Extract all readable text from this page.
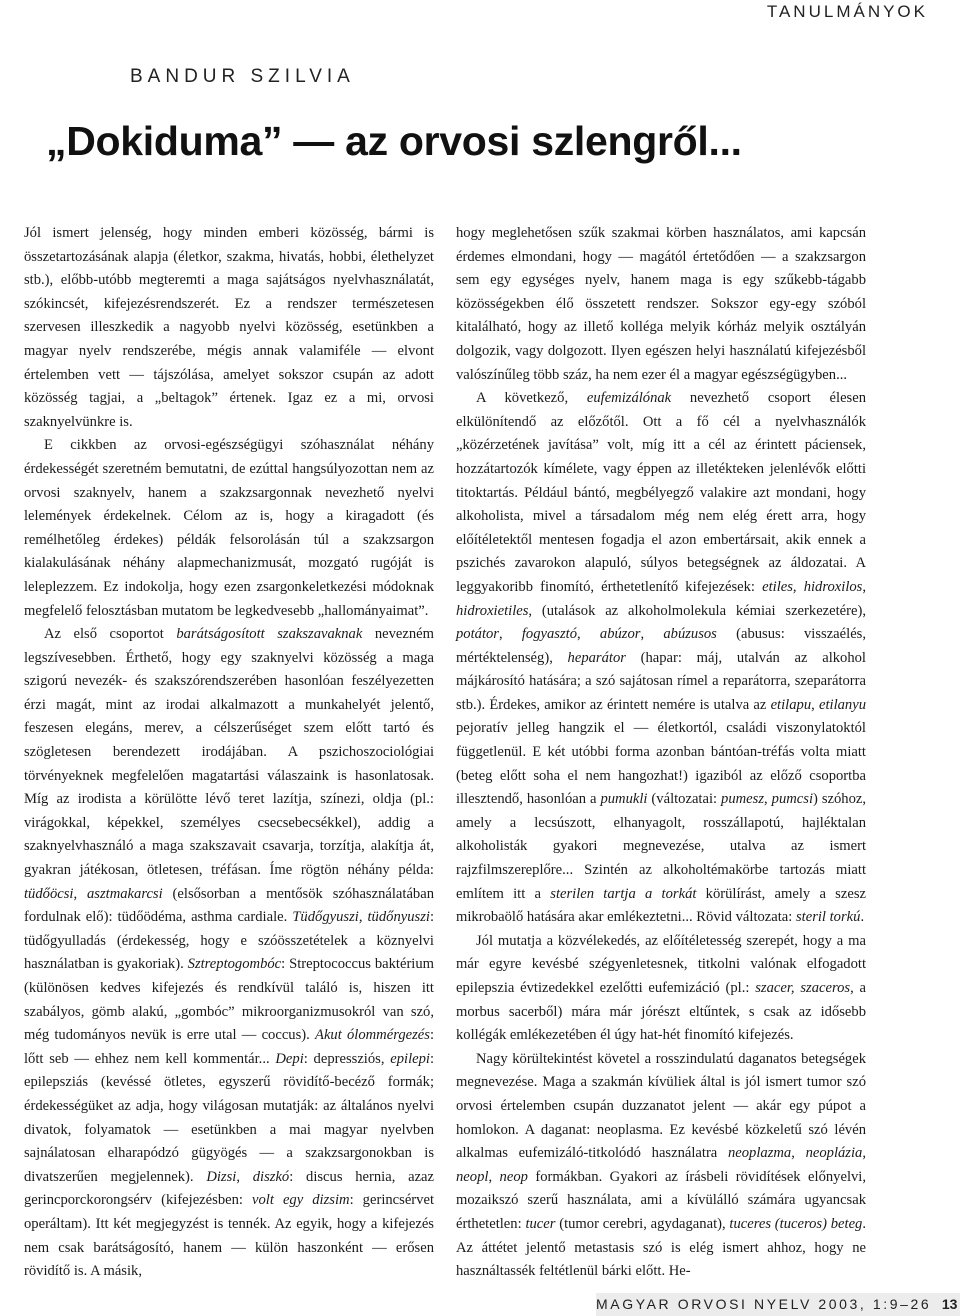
TANULMÁNYOK
BANDUR SZILVIA
„Dokiduma” — az orvosi szlengről...

Jól ismert jelenség, hogy minden emberi közösség, bármi is összetartozásának alapja (életkor, szakma, hivatás, hobbi, élethelyzet stb.), előbb-utóbb megteremti a maga sajátságos nyelvhasználatát, szókincsét, kifejezésrendszerét. Ez a rendszer természetesen szervesen illeszkedik a nagyobb nyelvi közösség, esetünkben a magyar nyelv rendszerébe, mégis annak valamiféle — elvont értelemben vett — tájszólása, amelyet sokszor csupán az adott közösség tagjai, a „beltagok” értenek. Igaz ez a mi, orvosi szaknyelvünkre is.

E cikkben az orvosi-egészségügyi szóhasználat néhány érdekességét szeretném bemutatni, de ezúttal hangsúlyozottan nem az orvosi szaknyelv, hanem a szakzsargonnak nevezhető nyelvi lelemények érdekelnek. Célom az is, hogy a kiragadott (és remélhetőleg érdekes) példák felsorolásán túl a szakzsargon kialakulásának néhány alapmechanizmusát, mozgató rugóját is leleplezzem. Ez indokolja, hogy ezen zsargonkeletkezési módoknak megfelelő felosztásban mutatom be legkedvesebb „hallományaimat”.

Az első csoportot barátságosított szakszavaknak nevezném legszívesebben. Érthető, hogy egy szaknyelvi közösség a maga szigorú nevezék- és szakszórendszerében hasonlóan feszélyezetten érzi magát, mint az irodai alkalmazott a munkahelyét jelentő, feszesen elegáns, merev, a célszerűséget szem előtt tartó és szögletesen berendezett irodájában. A pszichoszociológiai törvényeknek megfelelően magatartási válaszaink is hasonlatosak. Míg az irodista a körülötte lévő teret lazítja, színezi, oldja (pl.: virágokkal, képekkel, személyes csecsebecsékkel), addig a szaknyelvhasználó a maga szakszavait csavarja, torzítja, alakítja át, gyakran játékosan, ötletesen, tréfásan. Íme rögtön néhány példa: tüdőöcsi, asztmakarcsi (elsősorban a mentősök szóhasználatában fordulnak elő): tüdőödéma, asthma cardiale. Tüdőgyuszi, tüdőnyuszi: tüdőgyulladás (érdekesség, hogy e szóösszetételek a köznyelvi használatban is gyakoriak). Sztreptogombóc: Streptococcus baktérium (különösen kedves kifejezés és rendkívül találó is, hiszen itt szabályos, gömb alakú, „gombóc” mikroorganizmusokról van szó, még tudományos nevük is erre utal — coccus). Akut ólommérgezés: lőtt seb — ehhez nem kell kommentár... Depi: depressziós, epilepi: epilepsziás (kevéssé ötletes, egyszerű rövidítő-becéző formák; érdekességüket az adja, hogy világosan mutatják: az általános nyelvi divatok, folyamatok — esetünkben a mai magyar nyelvben sajnálatosan elharapódzó gügyögés — a szakzsargonokban is divatszerűen megjelennek). Dizsi, diszkó: discus hernia, azaz gerincporckorongsérv (kifejezésben: volt egy dizsim: gerincsérvet operáltam). Itt két megjegyzést is tennék. Az egyik, hogy a kifejezés nem csak barátságosító, hanem — külön haszonként — erősen rövidítő is. A másik,

hogy meglehetősen szűk szakmai körben használatos, ami kapcsán érdemes elmondani, hogy — magától értetődően — a szakzsargon sem egy egységes nyelv, hanem maga is egy szűkebb-tágabb közösségekben élő összetett rendszer. Sokszor egy-egy szóból kitalálható, hogy az illető kolléga melyik kórház melyik osztályán dolgozik, vagy dolgozott. Ilyen egészen helyi használatú kifejezésből valószínűleg több száz, ha nem ezer él a magyar egészségügyben...

A következő, eufemizálónak nevezhető csoport élesen elkülönítendő az előzőtől. Ott a fő cél a nyelvhasználók „közérzetének javítása” volt, míg itt a cél az érintett páciensek, hozzátartozók kímélete, vagy éppen az illetékteken jelenlévők előtti titoktartás. Például bántó, megbélyegző valakire azt mondani, hogy alkoholista, mivel a társadalom még nem elég érett arra, hogy előítéletektől mentesen fogadja el azon embertársait, akik ennek a pszichés zavarokon alapuló, súlyos betegségnek az áldozatai. A leggyakoribb finomító, érthetetlenítő kifejezések: etiles, hidroxilos, hidroxietiles, (utalások az alkoholmolekula kémiai szerkezetére), potátor, fogyasztó, abúzor, abúzusos (abusus: visszaélés, mértéktelenség), heparátor (hapar: máj, utalván az alkohol májkárosító hatására; a szó sajátosan rímel a reparátorra, szeparátorra stb.). Érdekes, amikor az érintett nemére is utalva az etilapu, etilanyu pejoratív jelleg hangzik el — életkortól, családi viszonylatoktól függetlenül. E két utóbbi forma azonban bántóan-tréfás volta miatt (beteg előtt soha el nem hangozhat!) igaziból az előző csoportba illesztendő, hasonlóan a pumukli (változatai: pumesz, pumcsi) szóhoz, amely a lecsúszott, elhanyagolt, rosszállapotú, hajléktalan alkoholisták gyakori megnevezése, utalva az ismert rajzfilmszereplőre... Szintén az alkoholtémakörbe tartozás miatt említem itt a sterilen tartja a torkát körülírást, amely a szesz mikrobaölő hatására akar emlékeztetni... Rövid változata: steril torkú.

Jól mutatja a közvélekedés, az előítéletesség szerepét, hogy a ma már egyre kevésbé szégyenletesnek, titkolni valónak elfogadott epilepszia évtizedekkel ezelőtti eufemizáció (pl.: szacer, szaceros, a morbus sacerből) mára már jórészt eltűntek, s csak az idősebb kollégák emlékezetében él úgy hat-hét finomító kifejezés.

Nagy körültekintést követel a rosszindulatú daganatos betegségek megnevezése. Maga a szakmán kívüliek által is jól ismert tumor szó orvosi értelemben csupán duzzanatot jelent — akár egy púpot a homlokon. A daganat: neoplasma. Ez kevésbé közkeletű szó lévén alkalmas eufemizáló-titkolódó használatra neoplazma, neoplázia, neopl, neop formákban. Gyakori az írásbeli rövidítések előnyelvi, mozaikszó szerű használata, ami a kívülálló számára ugyancsak érthetetlen: tucer (tumor cerebri, agydaganat), tuceres (tuceros) beteg. Az áttétet jelentő metastasis szó is elég ismert ahhoz, hogy ne használtassék feltétlenül bárki előtt. He-

MAGYAR ORVOSI NYELV 2003, 1:9–26 13
